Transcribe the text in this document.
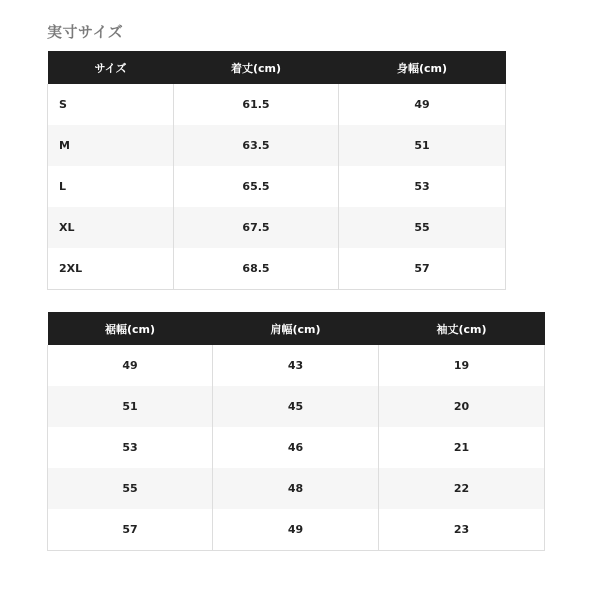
実寸サイズ
サイズ	着丈(cm)	身幅(cm)
S	61.5	49
M	63.5	51
L	65.5	53
XL	67.5	55
2XL	68.5	57
裾幅(cm)	肩幅(cm)	袖丈(cm)
49	43	19
51	45	20
53	46	21
55	48	22
57	49	23
